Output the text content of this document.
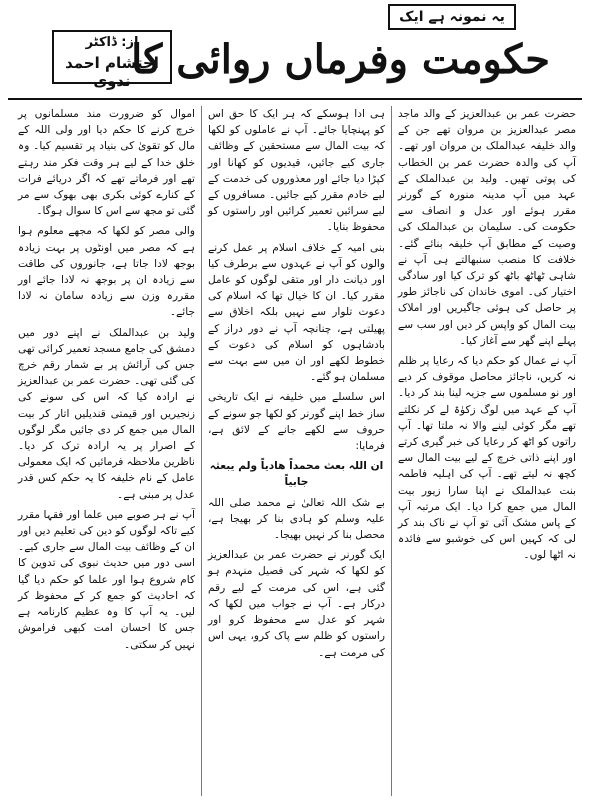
از: ڈاکٹر
احتشام احمد ندوی
یہ نمونہ ہے ایک
حکومت وفرماں روائی کا

حضرت عمر بن عبدالعزیز کے والد ماجد مصر عبدالعزیز بن مروان تھے جن کے والد خلیفہ عبدالملک بن مروان اور تھے۔ آپ کی والدہ حضرت عمر بن الخطاب کی پوتی تھیں۔ ولید بن عبدالملک کے عہد میں آپ مدینہ منورہ کے گورنر مقرر ہوئے اور عدل و انصاف سے حکومت کی۔ سلیمان بن عبدالملک کی وصیت کے مطابق آپ خلیفہ بنائے گئے۔ خلافت کا منصب سنبھالتے ہی آپ نے شاہی ٹھاٹھ باٹھ کو ترک کیا اور سادگی اختیار کی۔ اموی خاندان کی ناجائز طور پر حاصل کی ہوئی جاگیریں اور املاک بیت المال کو واپس کر دیں اور سب سے پہلے اپنے گھر سے آغاز کیا۔

آپ نے عمال کو حکم دیا کہ رعایا پر ظلم نہ کریں، ناجائز محاصل موقوف کر دیے اور نو مسلموں سے جزیہ لینا بند کر دیا۔ آپ کے عہد میں لوگ زکوٰۃ لے کر نکلتے تھے مگر کوئی لینے والا نہ ملتا تھا۔ آپ راتوں کو اٹھ کر رعایا کی خبر گیری کرتے اور اپنے ذاتی خرچ کے لیے بیت المال سے کچھ نہ لیتے تھے۔ آپ کی اہلیہ فاطمہ بنت عبدالملک نے اپنا سارا زیور بیت المال میں جمع کرا دیا۔ ایک مرتبہ آپ کے پاس مشک آئی تو آپ نے ناک بند کر لی کہ کہیں اس کی خوشبو سے فائدہ نہ اٹھا لوں۔

ہی ادا ہوسکے کہ ہر ایک کا حق اس کو پہنچایا جائے۔ آپ نے عاملوں کو لکھا کہ بیت المال سے مستحقین کے وظائف جاری کیے جائیں، قیدیوں کو کھانا اور کپڑا دیا جائے اور معذوروں کی خدمت کے لیے خادم مقرر کیے جائیں۔ مسافروں کے لیے سرائیں تعمیر کرائیں اور راستوں کو محفوظ بنایا۔

بنی امیہ کے خلاف اسلام پر عمل کرنے والوں کو آپ نے عہدوں سے برطرف کیا اور دیانت دار اور متقی لوگوں کو عامل مقرر کیا۔ ان کا خیال تھا کہ اسلام کی دعوت تلوار سے نہیں بلکہ اخلاق سے پھیلتی ہے، چنانچہ آپ نے دور دراز کے بادشاہوں کو اسلام کی دعوت کے خطوط لکھے اور ان میں سے بہت سے مسلمان ہو گئے۔

اس سلسلے میں خلیفہ نے ایک تاریخی ساز خط اپنے گورنر کو لکھا جو سونے کے حروف سے لکھے جانے کے لائق ہے، فرمایا:

ان اللہ بعث محمداً ھادیاً ولم یبعثہ جابیاً

بے شک اللہ تعالیٰ نے محمد صلی اللہ علیہ وسلم کو ہادی بنا کر بھیجا ہے، محصل بنا کر نہیں بھیجا۔

ایک گورنر نے حضرت عمر بن عبدالعزیز کو لکھا کہ شہر کی فصیل منہدم ہو گئی ہے، اس کی مرمت کے لیے رقم درکار ہے۔ آپ نے جواب میں لکھا کہ شہر کو عدل سے محفوظ کرو اور راستوں کو ظلم سے پاک کرو، یہی اس کی مرمت ہے۔

اموال کو ضرورت مند مسلمانوں پر خرچ کرنے کا حکم دیا اور ولی اللہ کے مال کو تقویٰ کی بنیاد پر تقسیم کیا۔ وہ خلق خدا کے لیے ہر وقت فکر مند رہتے تھے اور فرماتے تھے کہ اگر دریائے فرات کے کنارے کوئی بکری بھی بھوک سے مر گئی تو مجھ سے اس کا سوال ہوگا۔

والی مصر کو لکھا کہ مجھے معلوم ہوا ہے کہ مصر میں اونٹوں پر بہت زیادہ بوجھ لادا جاتا ہے، جانوروں کی طاقت سے زیادہ ان پر بوجھ نہ لادا جائے اور مقررہ وزن سے زیادہ سامان نہ لادا جائے۔

ولید بن عبدالملک نے اپنے دور میں دمشق کی جامع مسجد تعمیر کرائی تھی جس کی آرائش پر بے شمار رقم خرچ کی گئی تھی۔ حضرت عمر بن عبدالعزیز نے ارادہ کیا کہ اس کی سونے کی زنجیریں اور قیمتی قندیلیں اتار کر بیت المال میں جمع کر دی جائیں مگر لوگوں کے اصرار پر یہ ارادہ ترک کر دیا۔ ناظرین ملاحظہ فرمائیں کہ ایک معمولی عامل کے نام خلیفہ کا یہ حکم کس قدر عدل پر مبنی ہے۔

آپ نے ہر صوبے میں علما اور فقہا مقرر کیے تاکہ لوگوں کو دین کی تعلیم دیں اور ان کے وظائف بیت المال سے جاری کیے۔ اسی دور میں حدیث نبوی کی تدوین کا کام شروع ہوا اور علما کو حکم دیا گیا کہ احادیث کو جمع کر کے محفوظ کر لیں۔ یہ آپ کا وہ عظیم کارنامہ ہے جس کا احسان امت کبھی فراموش نہیں کر سکتی۔
